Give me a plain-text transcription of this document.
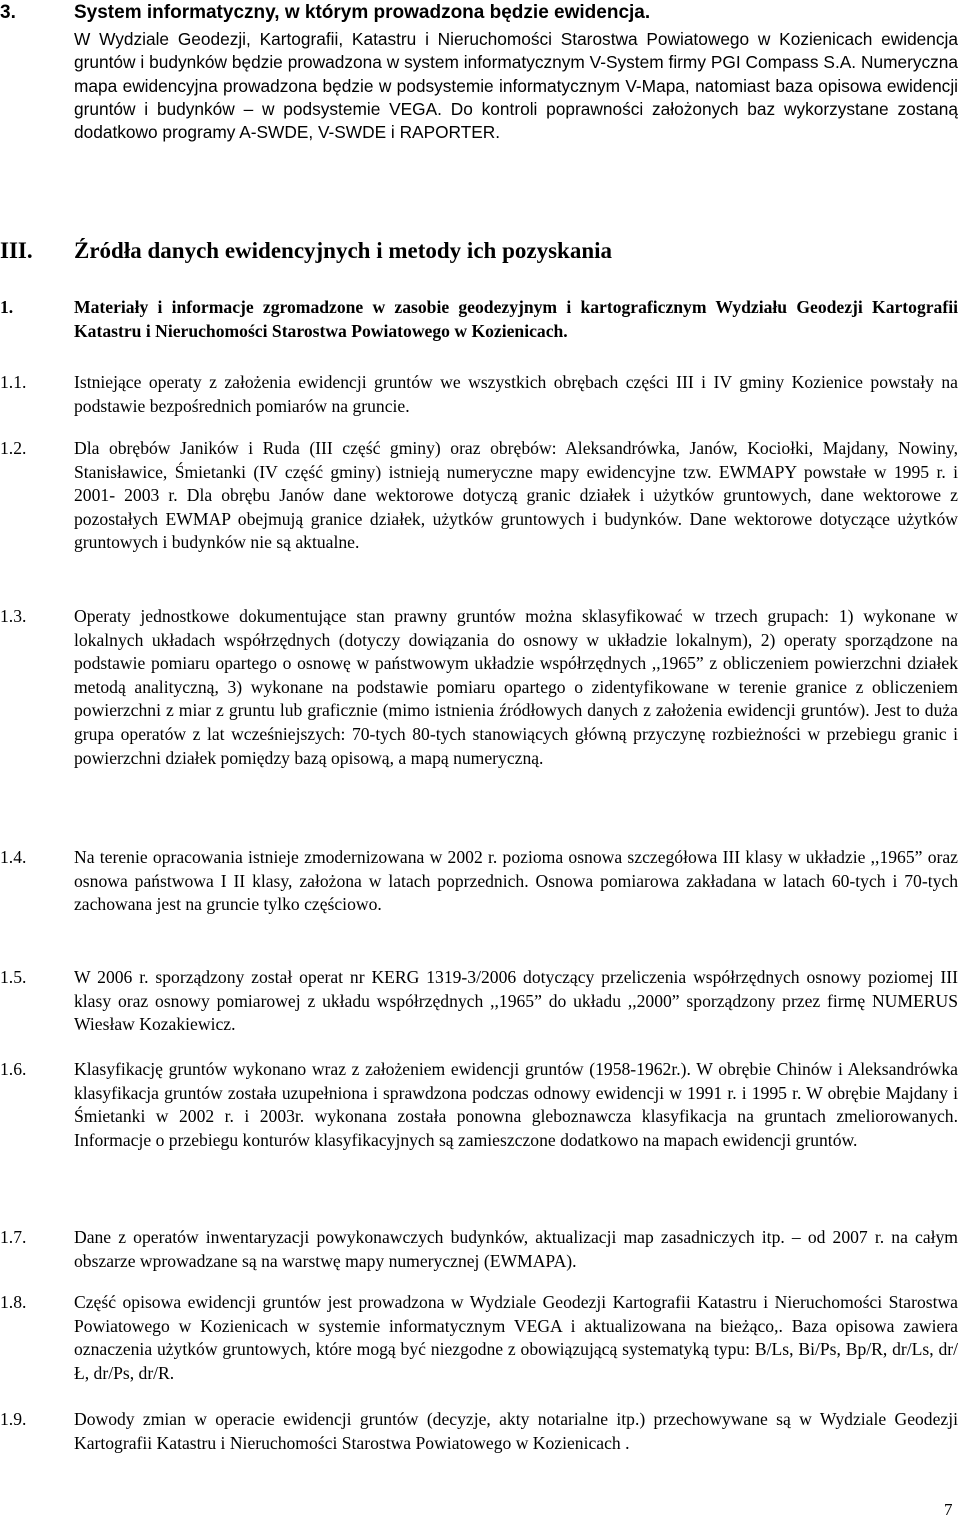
3.	System informatyczny, w którym prowadzona będzie ewidencja.
W Wydziale Geodezji, Kartografii, Katastru i Nieruchomości Starostwa Powiatowego w Kozienicach ewidencja gruntów i budynków będzie prowadzona w system informatycznym V-System firmy PGI Compass S.A. Numeryczna mapa ewidencyjna prowadzona będzie w podsystemie informatycznym V-Mapa, natomiast baza opisowa ewidencji gruntów i budynków – w podsystemie VEGA. Do kontroli poprawności założonych baz wykorzystane zostaną dodatkowo programy A-SWDE, V-SWDE i RAPORTER.
III. Źródła danych ewidencyjnych i metody ich pozyskania
1.	Materiały i informacje zgromadzone w zasobie geodezyjnym i kartograficznym Wydziału Geodezji Kartografii Katastru i Nieruchomości Starostwa Powiatowego w Kozienicach.
1.1.	Istniejące operaty z założenia ewidencji gruntów we wszystkich obrębach części III i IV gminy Kozienice powstały na podstawie bezpośrednich pomiarów na gruncie.
1.2.	Dla obrębów Janików i Ruda (III część gminy) oraz obrębów: Aleksandrówka, Janów, Kociołki, Majdany, Nowiny, Stanisławice, Śmietanki (IV część gminy) istnieją numeryczne mapy ewidencyjne tzw. EWMAPY powstałe w 1995 r. i 2001- 2003 r. Dla obrębu Janów dane wektorowe dotyczą granic działek i użytków gruntowych, dane wektorowe z pozostałych EWMAP obejmują granice działek, użytków gruntowych i budynków. Dane wektorowe dotyczące użytków gruntowych i budynków nie są aktualne.
1.3.	Operaty jednostkowe dokumentujące stan prawny gruntów można sklasyfikować w trzech grupach: 1) wykonane w lokalnych układach współrzędnych (dotyczy dowiązania do osnowy w układzie lokalnym), 2) operaty sporządzone na podstawie pomiaru opartego o osnowę w państwowym układzie współrzędnych ,,1965” z obliczeniem powierzchni działek metodą analityczną, 3) wykonane na podstawie pomiaru opartego o zidentyfikowane w terenie granice z obliczeniem powierzchni z miar z gruntu lub graficznie (mimo istnienia źródłowych danych z założenia ewidencji gruntów). Jest to duża grupa operatów z lat wcześniejszych: 70-tych 80-tych stanowiących główną przyczynę rozbieżności w przebiegu granic i powierzchni działek pomiędzy bazą opisową, a mapą numeryczną.
1.4.	Na terenie opracowania istnieje zmodernizowana w 2002 r. pozioma osnowa szczegółowa III klasy w układzie ,,1965” oraz osnowa państwowa I II klasy, założona w latach poprzednich. Osnowa pomiarowa zakładana w latach 60-tych i 70-tych zachowana jest na gruncie tylko częściowo.
1.5.	W 2006 r. sporządzony został operat nr KERG 1319-3/2006 dotyczący przeliczenia współrzędnych osnowy poziomej III klasy oraz osnowy pomiarowej z układu współrzędnych ,,1965” do układu ,,2000” sporządzony przez firmę NUMERUS Wiesław Kozakiewicz.
1.6.	Klasyfikację gruntów wykonano wraz z założeniem ewidencji gruntów (1958-1962r.). W obrębie Chinów i Aleksandrówka klasyfikacja gruntów została uzupełniona i sprawdzona podczas odnowy ewidencji w 1991 r. i 1995 r. W obrębie Majdany i Śmietanki w 2002 r. i 2003r. wykonana została ponowna gleboznawcza klasyfikacja na gruntach zmeliorowanych. Informacje o przebiegu konturów klasyfikacyjnych są zamieszczone dodatkowo na mapach ewidencji gruntów.
1.7.	Dane z operatów inwentaryzacji powykonawczych budynków, aktualizacji map zasadniczych itp. – od 2007 r. na całym obszarze wprowadzane są na warstwę mapy numerycznej (EWMAPA).
1.8.	Część opisowa ewidencji gruntów jest prowadzona w Wydziale Geodezji Kartografii Katastru i Nieruchomości Starostwa Powiatowego w Kozienicach w systemie informatycznym VEGA i aktualizowana na bieżąco,. Baza opisowa zawiera oznaczenia użytków gruntowych, które mogą być niezgodne z obowiązującą systematyką typu: B/Ls, Bi/Ps, Bp/R, dr/Ls, dr/Ł, dr/Ps, dr/R.
1.9.	Dowody zmian w operacie ewidencji gruntów (decyzje, akty notarialne itp.) przechowywane są w Wydziale Geodezji Kartografii Katastru i Nieruchomości Starostwa Powiatowego w Kozienicach .
7
